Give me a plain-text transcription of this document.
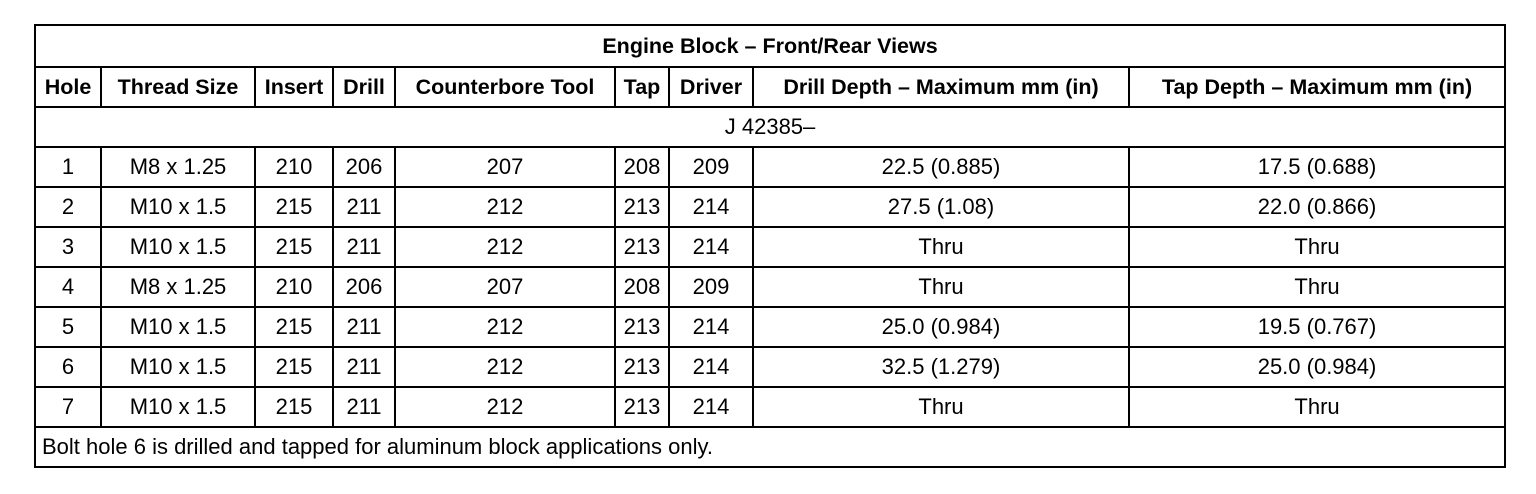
Engine Block – Front/Rear Views								
Hole	Thread Size	Insert	Drill	Counterbore Tool	Tap	Driver	Drill Depth – Maximum mm (in)	Tap Depth – Maximum mm (in)
J 42385–								
1	M8 x 1.25	210	206	207	208	209	22.5 (0.885)	17.5 (0.688)
2	M10 x 1.5	215	211	212	213	214	27.5 (1.08)	22.0 (0.866)
3	M10 x 1.5	215	211	212	213	214	Thru	Thru
4	M8 x 1.25	210	206	207	208	209	Thru	Thru
5	M10 x 1.5	215	211	212	213	214	25.0 (0.984)	19.5 (0.767)
6	M10 x 1.5	215	211	212	213	214	32.5 (1.279)	25.0 (0.984)
7	M10 x 1.5	215	211	212	213	214	Thru	Thru
Bolt hole 6 is drilled and tapped for aluminum block applications only.								
